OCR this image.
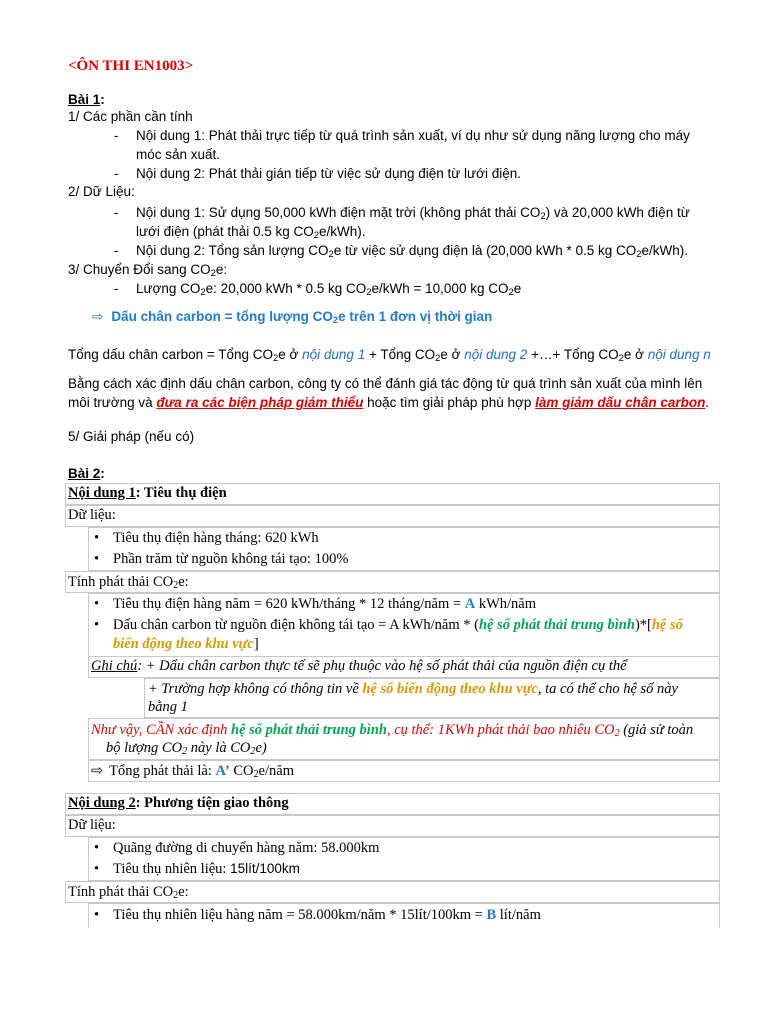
<ÔN THI EN1003>
Bài 1:
1/ Các phần cần tính
- Nội dung 1: Phát thải trực tiếp từ quá trình sản xuất, ví dụ như sử dụng năng lượng cho máy
móc sản xuất.
- Nội dung 2: Phát thải gián tiếp từ việc sử dụng điện từ lưới điện.
2/ Dữ Liệu:
- Nội dung 1: Sử dụng 50,000 kWh điện mặt trời (không phát thải $CO_2$) và 20,000 kWh điện từ
lưới điện (phát thải 0.5 kg $CO_2e/kWh$).
- Nội dung 2: Tổng sản lượng $CO_2e$ từ việc sử dụng điện là (20,000 kWh * 0.5 kg $CO_2e/kWh$).
3/ Chuyển Đổi sang $CO_2e$:
- Lượng $CO_2e$: 20,000 kWh * 0.5 kg $CO_2e$/kWh = 10,000 kg $CO_2e$
⇨ Dấu chân carbon = tổng lượng $CO_2e$ trên 1 đơn vị thời gian
Tổng dấu chân carbon = Tổng $CO_2e$ ở nội dung 1 + Tổng $CO_2e$ ở nội dung 2 +…+ Tổng $CO_2e$ ở nội dung n
Bằng cách xác định dấu chân carbon, công ty có thể đánh giá tác động từ quá trình sản xuất của mình lên
môi trường và đưa ra các biện pháp giảm thiểu hoặc tìm giải pháp phù hợp làm giảm dấu chân carbon.
5/ Giải pháp (nếu có)
Bài 2:
Nội dung 1: Tiêu thụ điện
Dữ liệu:
• Tiêu thụ điện hàng tháng: 620 kWh
• Phần trăm từ nguồn không tái tạo: 100%
Tính phát thải $CO_2e$:
• Tiêu thụ điện hàng năm = 620 kWh/tháng * 12 tháng/năm = A kWh/năm
• Dấu chân carbon từ nguồn điện không tái tạo = A kWh/năm * (hệ số phát thải trung bình)*[hệ số
biến động theo khu vực]
Ghi chú: + Dấu chân carbon thực tế sẽ phụ thuộc vào hệ số phát thải của nguồn điện cụ thể
+ Trường hợp không có thông tin về hệ số biến động theo khu vực, ta có thể cho hệ số này
bằng 1
Như vậy, CẦN xác định hệ số phát thải trung bình, cụ thể: 1KWh phát thải bao nhiêu $CO_2$ (giả sử toàn
bộ lượng $CO_2$ này là $CO_2e$)
⇨ Tổng phát thải là: A’ $CO_2e$/năm
Nội dung 2: Phương tiện giao thông
Dữ liệu:
• Quãng đường di chuyển hàng năm: 58.000km
• Tiêu thụ nhiên liệu: 15lít/100km
Tính phát thải $CO_2e$:
• Tiêu thụ nhiên liệu hàng năm = 58.000km/năm * 15lít/100km = B lít/năm
